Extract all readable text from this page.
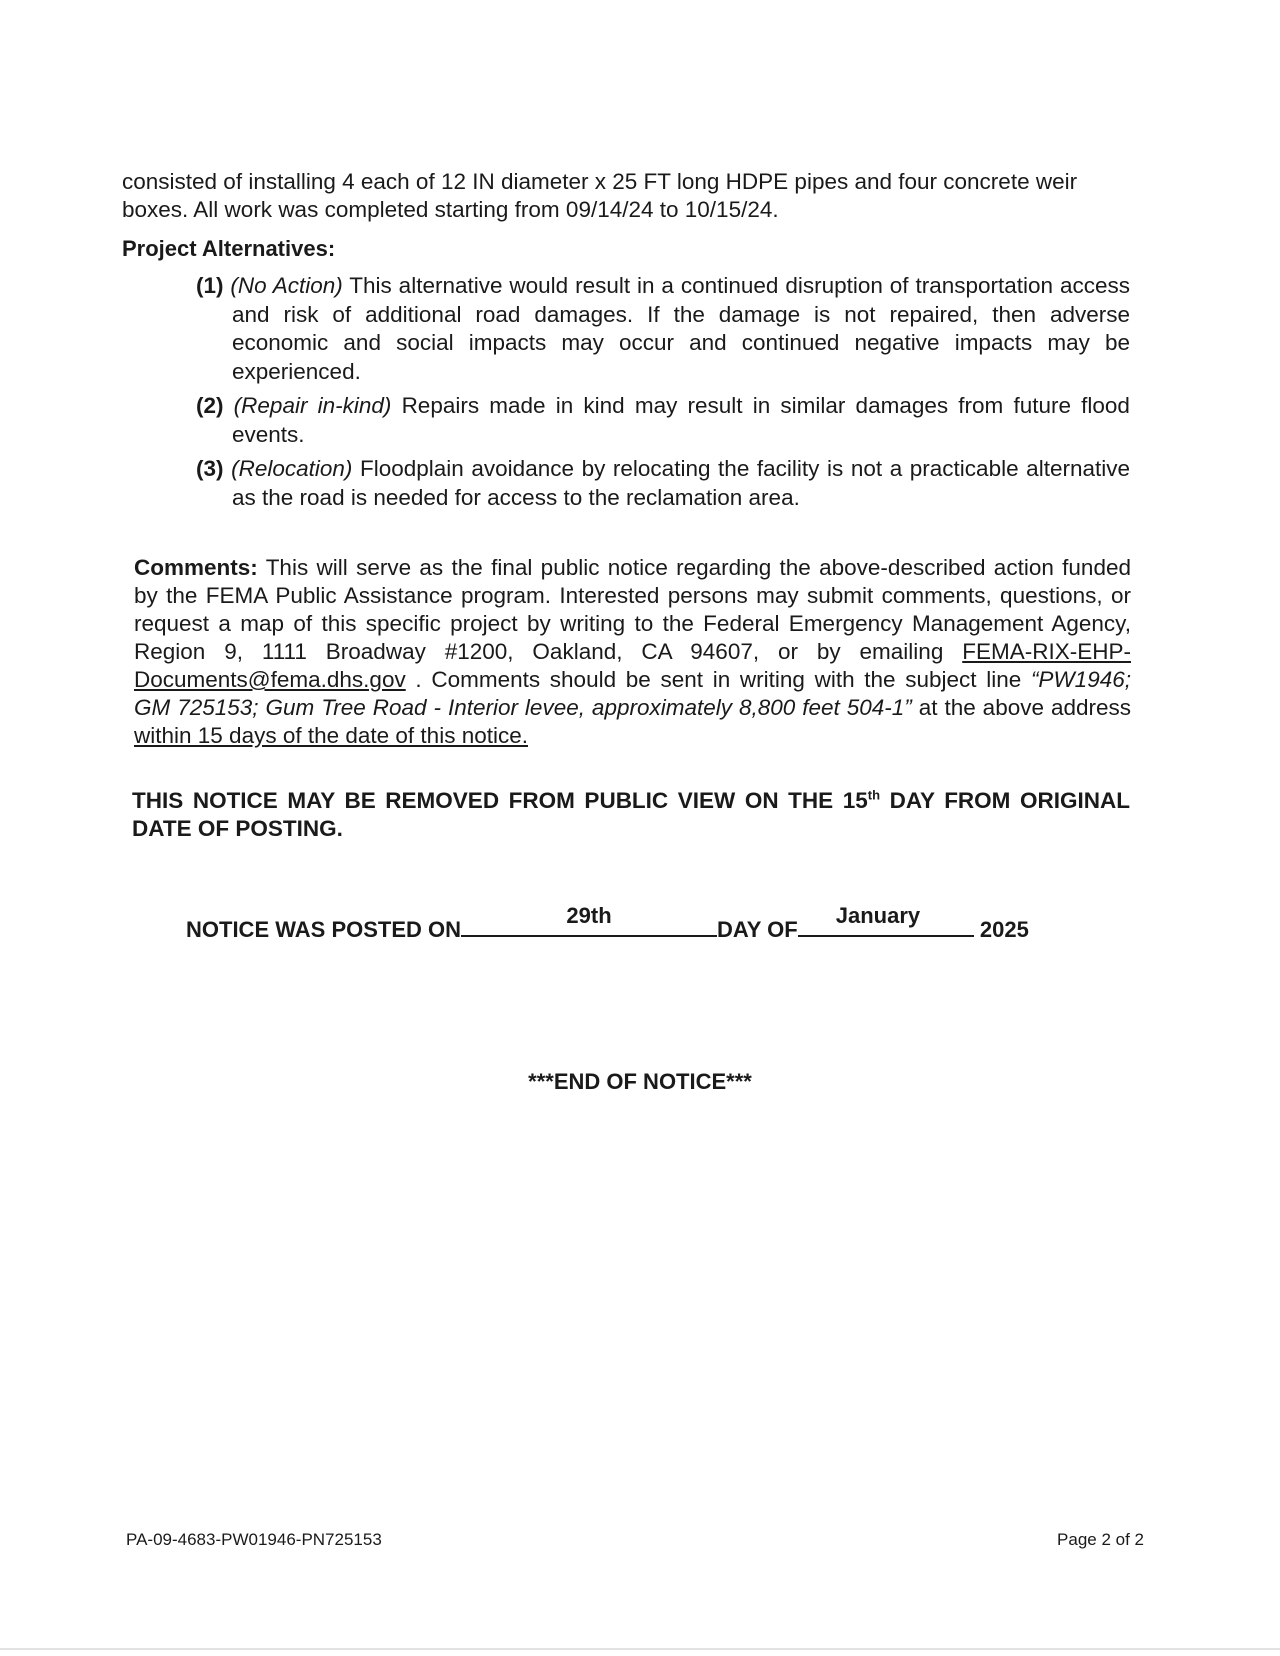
consisted of installing 4 each of 12 IN diameter x 25 FT long HDPE pipes and four concrete weir boxes. All work was completed starting from 09/14/24 to 10/15/24.
Project Alternatives:
(1) (No Action) This alternative would result in a continued disruption of transportation access and risk of additional road damages. If the damage is not repaired, then adverse economic and social impacts may occur and continued negative impacts may be experienced.
(2) (Repair in-kind) Repairs made in kind may result in similar damages from future flood events.
(3) (Relocation) Floodplain avoidance by relocating the facility is not a practicable alternative as the road is needed for access to the reclamation area.
Comments: This will serve as the final public notice regarding the above-described action funded by the FEMA Public Assistance program. Interested persons may submit comments, questions, or request a map of this specific project by writing to the Federal Emergency Management Agency, Region 9, 1111 Broadway #1200, Oakland, CA 94607, or by emailing FEMA-RIX-EHP-Documents@fema.dhs.gov . Comments should be sent in writing with the subject line “PW1946; GM 725153; Gum Tree Road - Interior levee, approximately 8,800 feet 504-1” at the above address within 15 days of the date of this notice.
THIS NOTICE MAY BE REMOVED FROM PUBLIC VIEW ON THE 15th DAY FROM ORIGINAL DATE OF POSTING.
NOTICE WAS POSTED ON
29th
DAY OF
January
2025
***END OF NOTICE***
PA-09-4683-PW01946-PN725153	Page 2 of 2
